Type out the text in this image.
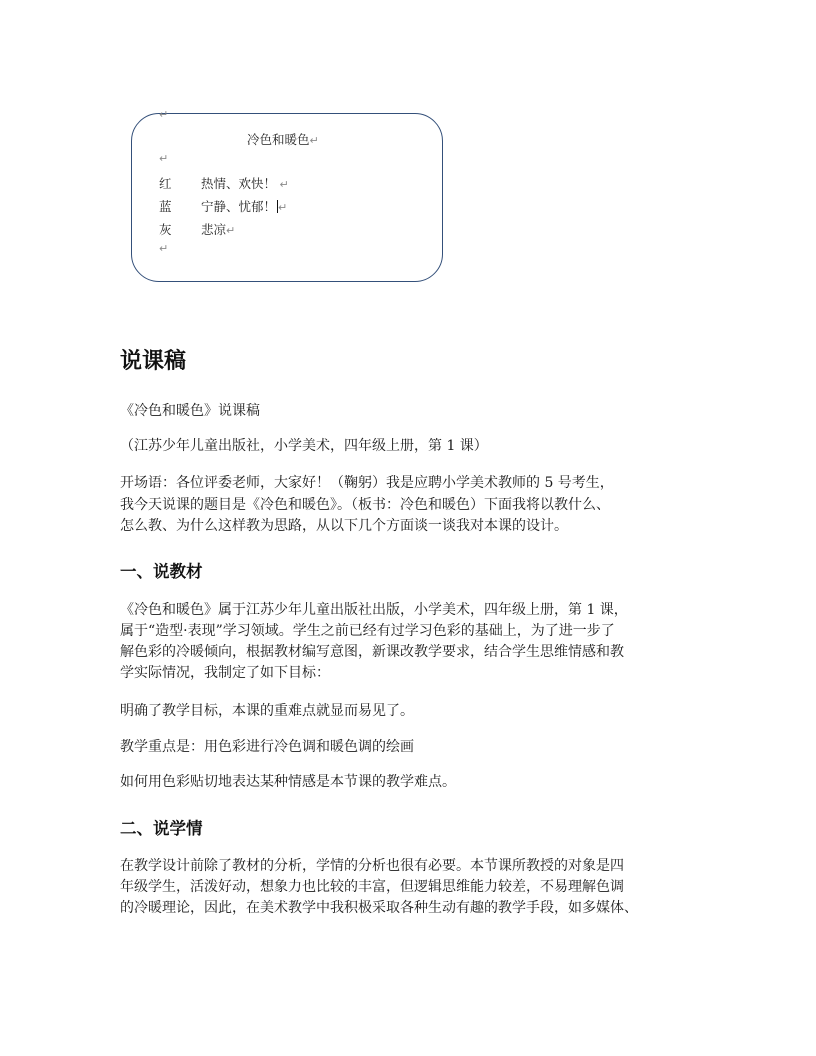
↵
冷色和暖色↵
↵
红 热情、欢快！ ↵
蓝 宁静、忧郁！ ↵
灰 悲凉↵
↵
说课稿

《冷色和暖色》说课稿

（江苏少年儿童出版社，小学美术，四年级上册，第 1 课）

开场语：各位评委老师，大家好！（鞠躬）我是应聘小学美术教师的 5 号考生，

我今天说课的题目是《冷色和暖色》。（板书：冷色和暖色）下面我将以教什么、

怎么教、为什么这样教为思路，从以下几个方面谈一谈我对本课的设计。

一、说教材

《冷色和暖色》属于江苏少年儿童出版社出版，小学美术，四年级上册，第 1 课，

属于“造型·表现”学习领域。学生之前已经有过学习色彩的基础上，为了进一步了

解色彩的冷暖倾向，根据教材编写意图，新课改教学要求，结合学生思维情感和教

学实际情况，我制定了如下目标：

明确了教学目标，本课的重难点就显而易见了。

教学重点是：用色彩进行冷色调和暖色调的绘画

如何用色彩贴切地表达某种情感是本节课的教学难点。

二、说学情

在教学设计前除了教材的分析，学情的分析也很有必要。本节课所教授的对象是四

年级学生，活泼好动，想象力也比较的丰富，但逻辑思维能力较差，不易理解色调

的冷暖理论，因此，在美术教学中我积极采取各种生动有趣的教学手段，如多媒体、
